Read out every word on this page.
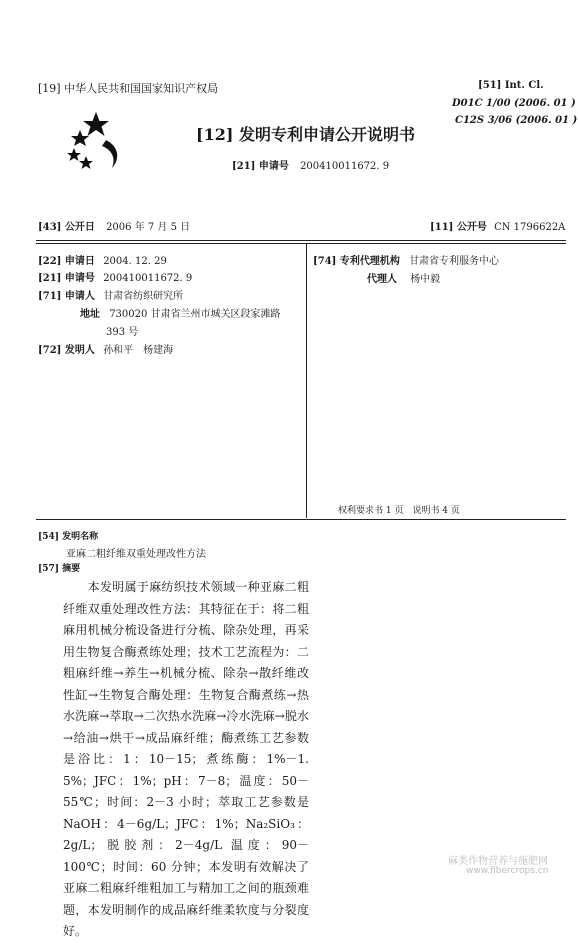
[19] 中华人民共和国国家知识产权局
[12] 发明专利申请公开说明书
[21] 申请号 200410011672. 9
[51] Int. Cl.
D01C 1/00 (2006. 01 )
C12S 3/06 (2006. 01 )
[43] 公开日 2006 年 7 月 5 日	[11] 公开号 CN 1796622A
[22] 申请日 2004. 12. 29
[21] 申请号 200410011672. 9
[71] 申请人 甘肃省纺织研究所
地址 730020 甘肃省兰州市城关区段家滩路
393 号
[72] 发明人 孙和平　杨建海
[74] 专利代理机构 甘肃省专利服务中心
代理人 杨中毅
权利要求书 1 页　说明书 4 页
[54] 发明名称
亚麻二粗纤维双重处理改性方法
[57] 摘要
　　本发明属于麻纺织技术领域一种亚麻二粗纤维双重处理改性方法：其特征在于：将二粗麻用机械分梳设备进行分梳、除杂处理，再采用生物复合酶煮练处理；技术工艺流程为：二粗麻纤维→养生→机械分梳、除杂→散纤维改性缸→生物复合酶处理：生物复合酶煮练→热水洗麻→萃取→二次热水洗麻→冷水洗麻→脱水→给油→烘干→成品麻纤维；酶煮练工艺参数是浴比：1：10－15；煮练酶：1%－1. 5%；JFC：1%；pH：7－8；温度：50－55℃；时间：2－3 小时；萃取工艺参数是 NaOH：4－6g/L；JFC：1%；Na₂SiO₃：2g/L；脱胶剂：2－4g/L 温度：90－100℃；时间：60 分钟；本发明有效解决了亚麻二粗麻纤维粗加工与精加工之间的瓶颈难题，本发明制作的成品麻纤维柔软度与分裂度好。
麻类作物营养与施肥网
www.fibercrops.cn
